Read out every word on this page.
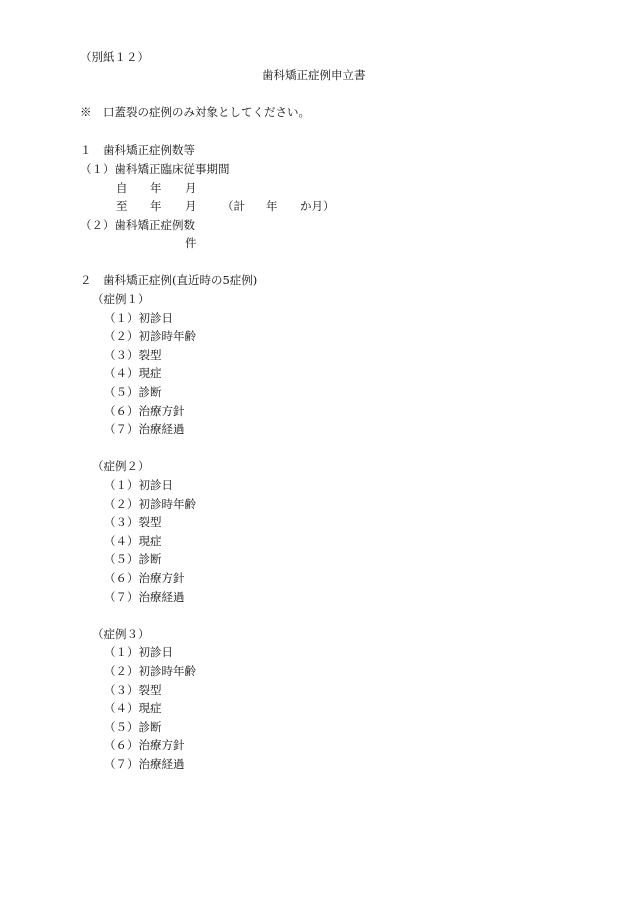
（別紙１２）
歯科矯正症例申立書
※　口蓋裂の症例のみ対象としてください。
１　歯科矯正症例数等
（１）歯科矯正臨床従事期間
自 年 月
至 年 月 （計 年 か月）
（２）歯科矯正症例数
件
２　歯科矯正症例(直近時の5症例)
（症例１）
（１）初診日
（２）初診時年齢
（３）裂型
（４）現症
（５）診断
（６）治療方針
（７）治療経過
（症例２）
（１）初診日
（２）初診時年齢
（３）裂型
（４）現症
（５）診断
（６）治療方針
（７）治療経過
（症例３）
（１）初診日
（２）初診時年齢
（３）裂型
（４）現症
（５）診断
（６）治療方針
（７）治療経過
